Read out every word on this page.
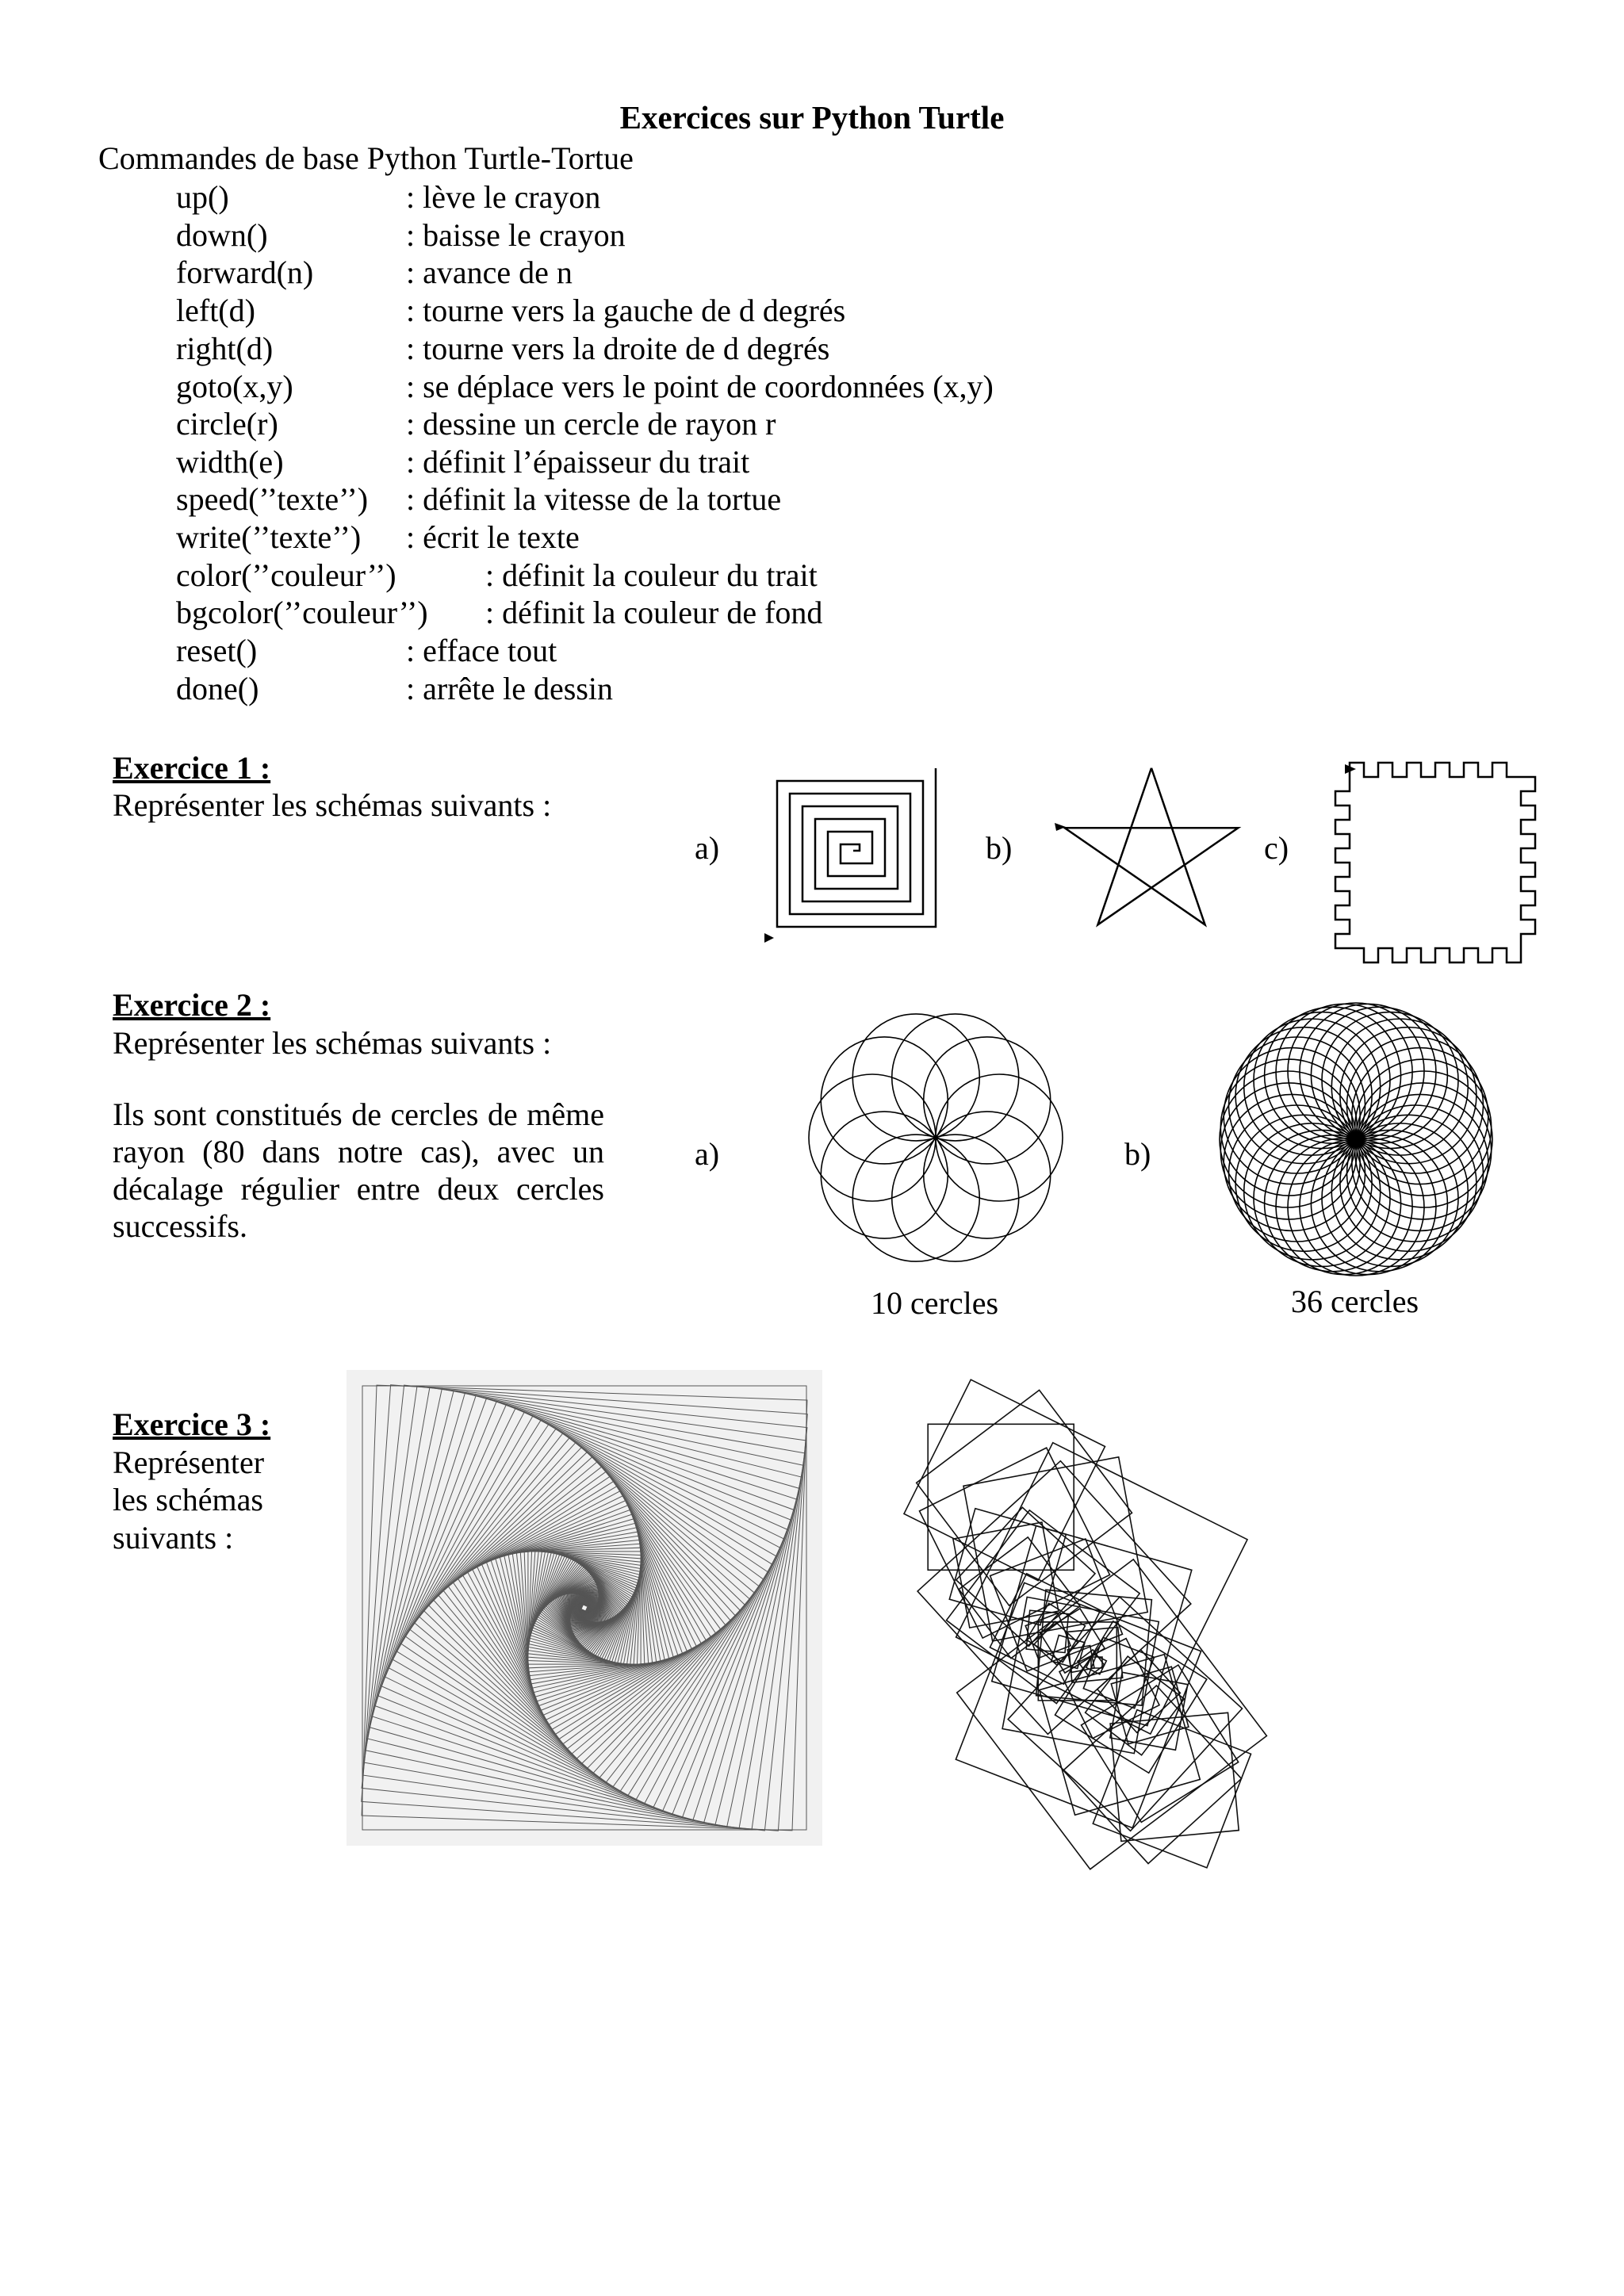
Exercices sur Python Turtle
Commandes de base Python Turtle-Tortue
up()	: lève le crayon
down()	: baisse le crayon
forward(n)	: avance de n
left(d)	: tourne vers la gauche de d degrés
right(d)	: tourne vers la droite de d degrés
goto(x,y)	: se déplace vers le point de coordonnées (x,y)
circle(r)	: dessine un cercle de rayon r
width(e)	: définit l’épaisseur du trait
speed(’’texte’’) : définit la vitesse de la tortue
write(’’texte’’) : écrit le texte
color(’’couleur’’)	: définit la couleur du trait
bgcolor(’’couleur’’) : définit la couleur de fond
reset()	: efface tout
done()	: arrête le dessin
Exercice 1 :
Représenter les schémas suivants :
a)	b)	c)
Exercice 2 :
Représenter les schémas suivants :
Ils sont constitués de cercles de même rayon (80 dans notre cas), avec un décalage régulier entre deux cercles successifs.
a)	b)
10 cercles	36 cercles
Exercice 3 :
Représenter
les schémas
suivants :
